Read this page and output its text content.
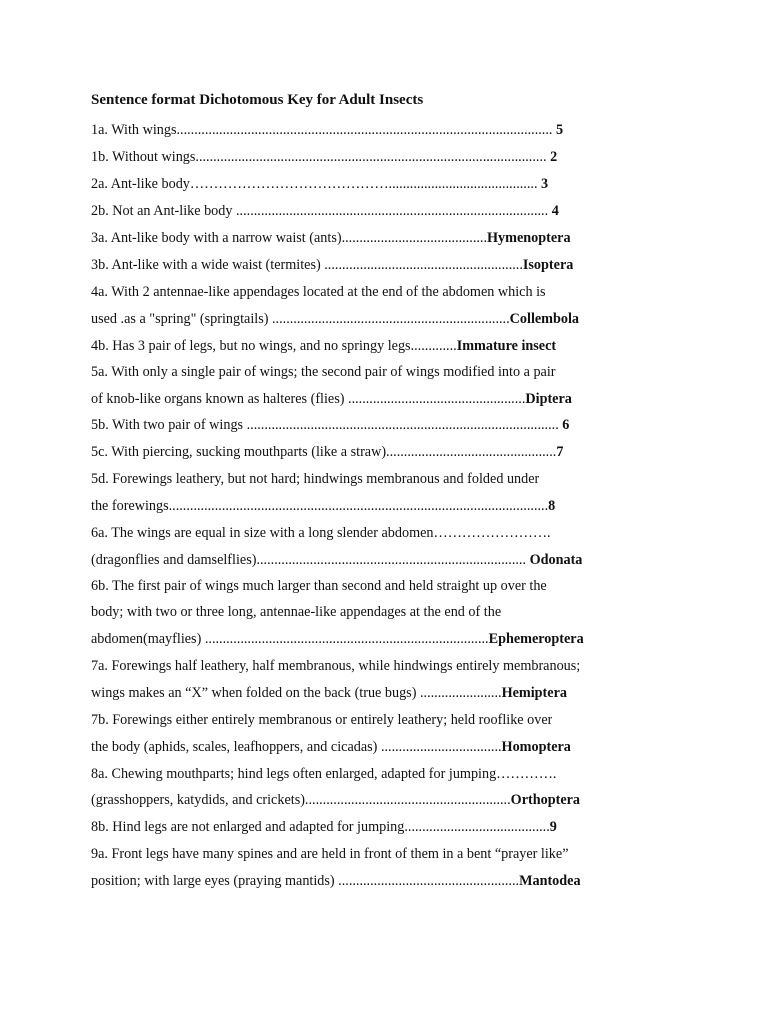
Sentence format Dichotomous Key for Adult Insects
1a. With wings.......................................................................................................... 5
1b. Without wings................................................................................................... 2
2a. Ant-like body…………………………………….......................................... 3
2b. Not an Ant-like body ........................................................................................ 4
3a. Ant-like body with a narrow waist (ants).........................................Hymenoptera
3b. Ant-like with a wide waist (termites) ........................................................Isoptera
4a. With 2 antennae-like appendages located at the end of the abdomen which is
used .as a "spring" (springtails) ...................................................................Collembola
4b. Has 3 pair of legs, but no wings, and no springy legs.............Immature insect
5a. With only a single pair of wings; the second pair of wings modified into a pair
of knob-like organs known as halteres (flies) ..................................................Diptera
5b. With two pair of wings ........................................................................................ 6
5c. With piercing, sucking mouthparts (like a straw)................................................7
5d. Forewings leathery, but not hard; hindwings membranous and folded under
the forewings...........................................................................................................8
6a. The wings are equal in size with a long slender abdomen…………………….
(dragonflies and damselflies)............................................................................ Odonata
6b. The first pair of wings much larger than second and held straight up over the
body; with two or three long, antennae-like appendages at the end of the
abdomen(mayflies) ................................................................................Ephemeroptera
7a. Forewings half leathery, half membranous, while hindwings entirely membranous;
wings makes an “X” when folded on the back (true bugs) .......................Hemiptera
7b. Forewings either entirely membranous or entirely leathery; held rooflike over
the body (aphids, scales, leafhoppers, and cicadas) ..................................Homoptera
8a. Chewing mouthparts; hind legs often enlarged, adapted for jumping………….
(grasshoppers, katydids, and crickets)..........................................................Orthoptera
8b. Hind legs are not enlarged and adapted for jumping.........................................9
9a. Front legs have many spines and are held in front of them in a bent “prayer like”
position; with large eyes (praying mantids) ...................................................Mantodea
